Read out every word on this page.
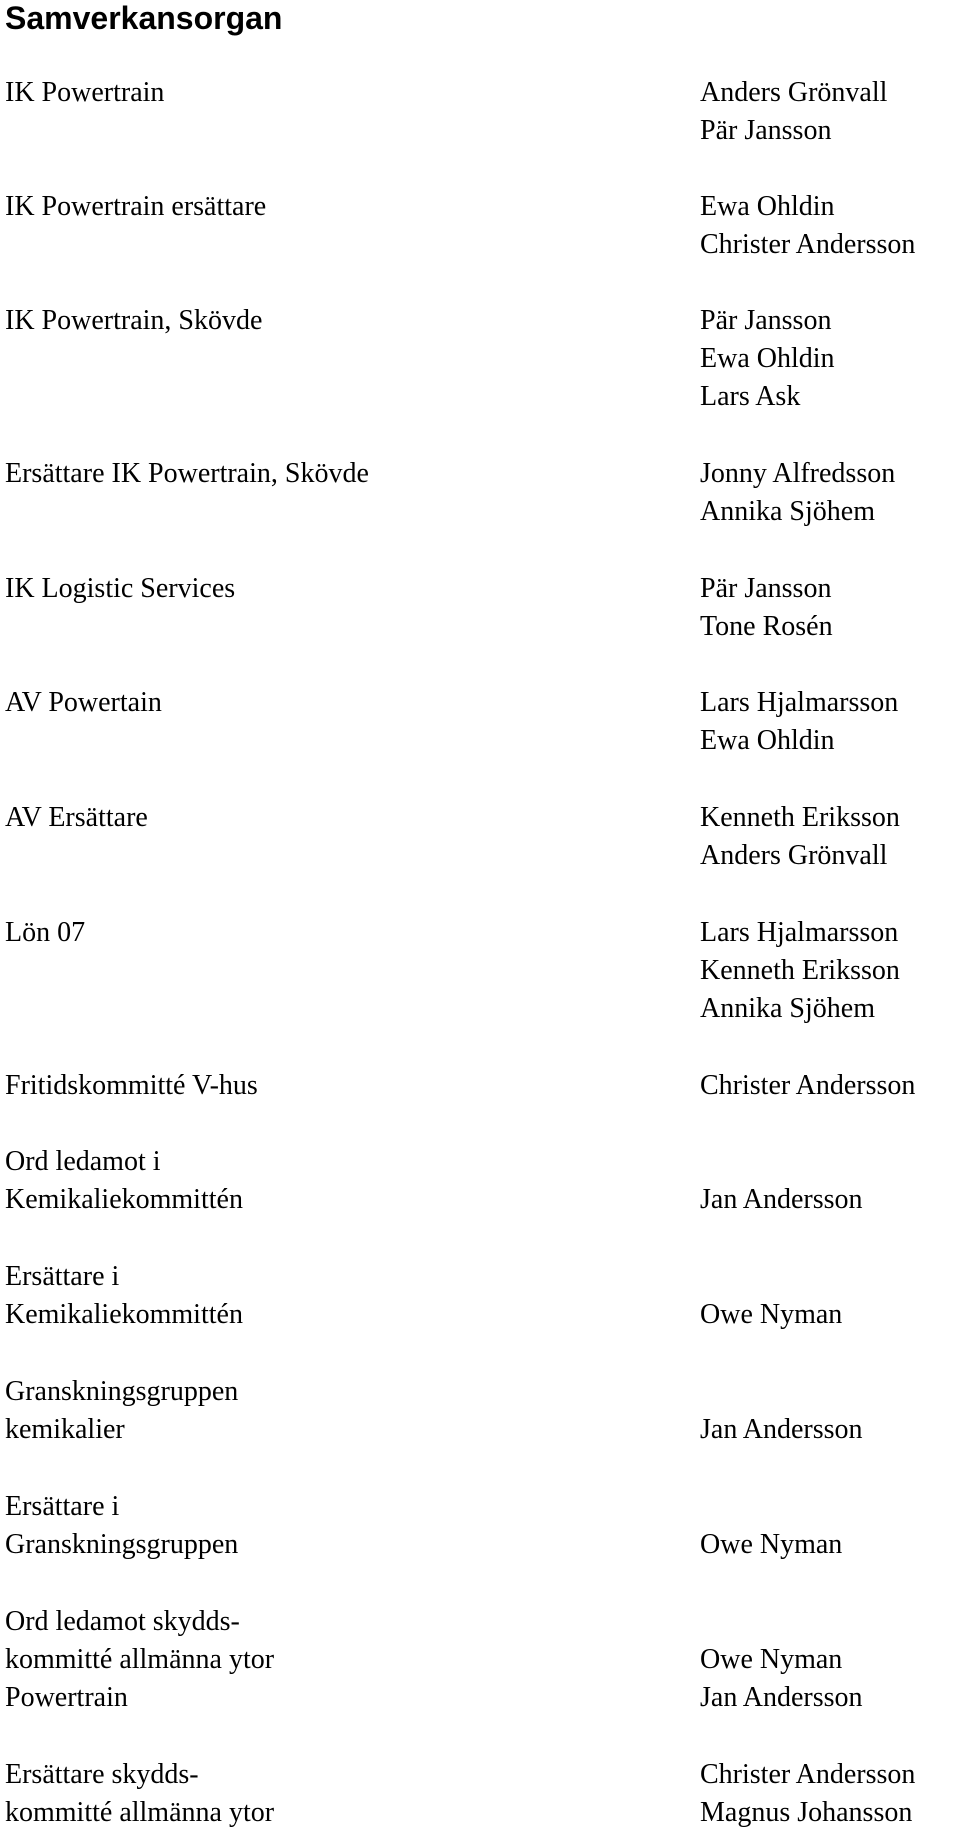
Samverkansorgan
IK Powertrain
IK Powertrain ersättare
IK Powertrain, Skövde
Ersättare IK Powertrain, Skövde
IK Logistic Services
AV Powertain
AV Ersättare
Lön 07
Fritidskommitté V-hus
Ord ledamot i
Kemikaliekommittén
Ersättare i
Kemikaliekommittén
Granskningsgruppen
kemikalier
Ersättare i
Granskningsgruppen
Ord ledamot skydds-
kommitté allmänna ytor
Powertrain
Ersättare skydds-
kommitté allmänna ytor
Anders Grönvall
Pär Jansson
Ewa Ohldin
Christer Andersson
Pär Jansson
Ewa Ohldin
Lars Ask
Jonny Alfredsson
Annika Sjöhem
Pär Jansson
Tone Rosén
Lars Hjalmarsson
Ewa Ohldin
Kenneth Eriksson
Anders Grönvall
Lars Hjalmarsson
Kenneth Eriksson
Annika Sjöhem
Christer Andersson
Jan Andersson
Owe Nyman
Jan Andersson
Owe Nyman
Owe Nyman
Jan Andersson
Christer Andersson
Magnus Johansson
